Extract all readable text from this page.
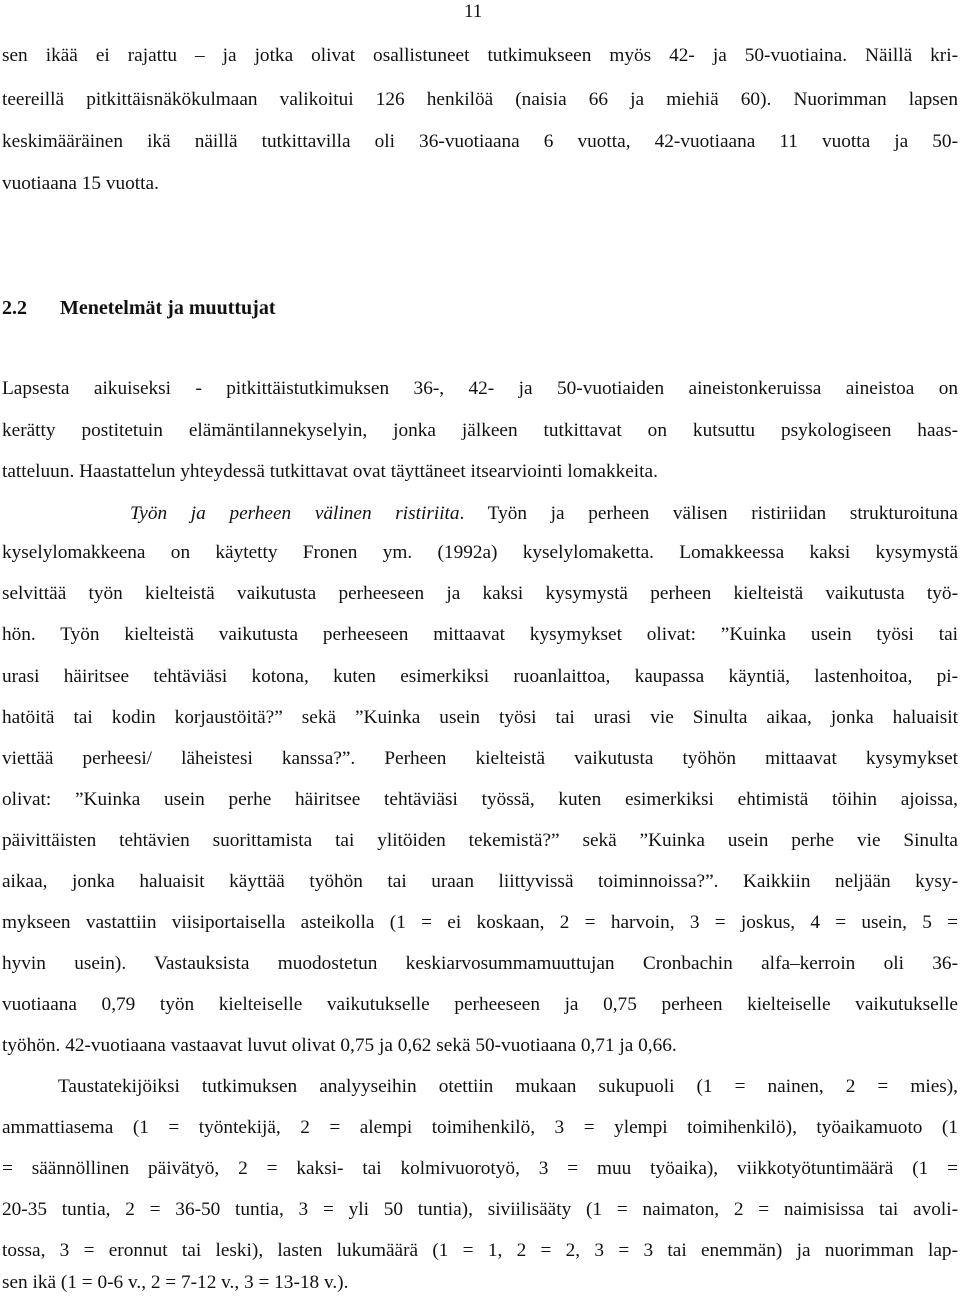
11
sen ikää ei rajattu – ja jotka olivat osallistuneet tutkimukseen myös 42- ja 50-vuotiaina. Näillä kri-
teereillä pitkittäisnäkökulmaan valikoitui 126 henkilöä (naisia 66 ja miehiä 60). Nuorimman lapsen
keskimääräinen ikä näillä tutkittavilla oli 36-vuotiaana 6 vuotta, 42-vuotiaana 11 vuotta ja 50-
vuotiaana 15 vuotta.
2.2 Menetelmät ja muuttujat
Lapsesta aikuiseksi - pitkittäistutkimuksen 36-, 42- ja 50-vuotiaiden aineistonkeruissa aineistoa on
kerätty postitetuin elämäntilannekyselyin, jonka jälkeen tutkittavat on kutsuttu psykologiseen haas-
tatteluun. Haastattelun yhteydessä tutkittavat ovat täyttäneet itsearviointi lomakkeita.
Työn ja perheen välinen ristiriita. Työn ja perheen välisen ristiriidan strukturoituna
kyselylomakkeena on käytetty Fronen ym. (1992a) kyselylomaketta. Lomakkeessa kaksi kysymystä
selvittää työn kielteistä vaikutusta perheeseen ja kaksi kysymystä perheen kielteistä vaikutusta työ-
hön. Työn kielteistä vaikutusta perheeseen mittaavat kysymykset olivat: ”Kuinka usein työsi tai
urasi häiritsee tehtäviäsi kotona, kuten esimerkiksi ruoanlaittoa, kaupassa käyntiä, lastenhoitoa, pi-
hatöitä tai kodin korjaustöitä?” sekä ”Kuinka usein työsi tai urasi vie Sinulta aikaa, jonka haluaisit
viettää perheesi/ läheistesi kanssa?”. Perheen kielteistä vaikutusta työhön mittaavat kysymykset
olivat: ”Kuinka usein perhe häiritsee tehtäviäsi työssä, kuten esimerkiksi ehtimistä töihin ajoissa,
päivittäisten tehtävien suorittamista tai ylitöiden tekemistä?” sekä ”Kuinka usein perhe vie Sinulta
aikaa, jonka haluaisit käyttää työhön tai uraan liittyvissä toiminnoissa?”. Kaikkiin neljään kysy-
mykseen vastattiin viisiportaisella asteikolla (1 = ei koskaan, 2 = harvoin, 3 = joskus, 4 = usein, 5 =
hyvin usein). Vastauksista muodostetun keskiarvosummamuuttujan Cronbachin alfa–kerroin oli 36-
vuotiaana 0,79 työn kielteiselle vaikutukselle perheeseen ja 0,75 perheen kielteiselle vaikutukselle
työhön. 42-vuotiaana vastaavat luvut olivat 0,75 ja 0,62 sekä 50-vuotiaana 0,71 ja 0,66.
Taustatekijöiksi tutkimuksen analyyseihin otettiin mukaan sukupuoli (1 = nainen, 2 = mies),
ammattiasema (1 = työntekijä, 2 = alempi toimihenkilö, 3 = ylempi toimihenkilö), työaikamuoto (1
= säännöllinen päivätyö, 2 = kaksi- tai kolmivuorotyö, 3 = muu työaika), viikkotyötuntimäärä (1 =
20-35 tuntia, 2 = 36-50 tuntia, 3 = yli 50 tuntia), siviilisääty (1 = naimaton, 2 = naimisissa tai avoli-
tossa, 3 = eronnut tai leski), lasten lukumäärä (1 = 1, 2 = 2, 3 = 3 tai enemmän) ja nuorimman lap-
sen ikä (1 = 0-6 v., 2 = 7-12 v., 3 = 13-18 v.).
